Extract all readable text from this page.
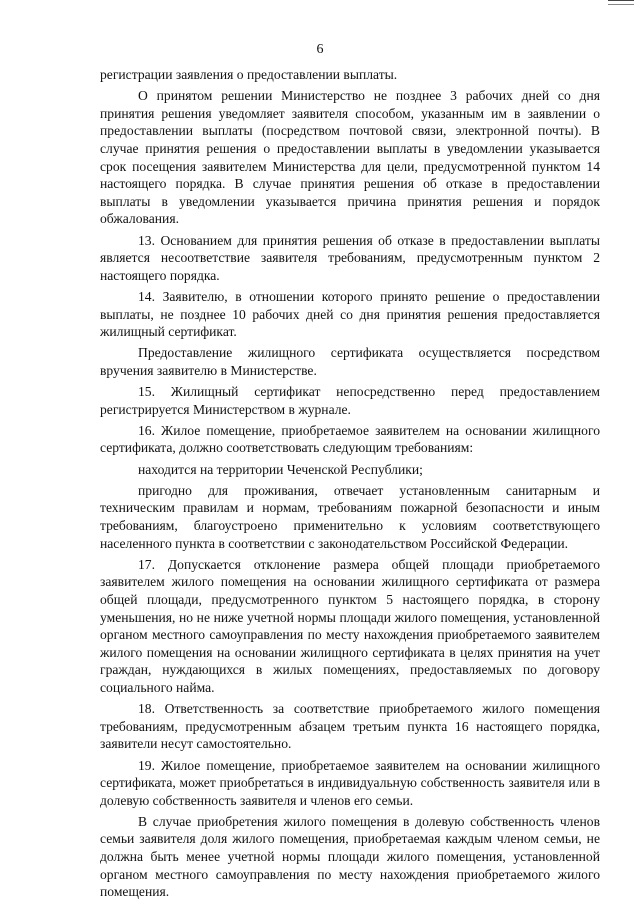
6

регистрации заявления о предоставлении выплаты.

О принятом решении Министерство не позднее 3 рабочих дней со дня принятия решения уведомляет заявителя способом, указанным им в заявлении о предоставлении выплаты (посредством почтовой связи, электронной почты). В случае принятия решения о предоставлении выплаты в уведомлении указывается срок посещения заявителем Министерства для цели, предусмотренной пунктом 14 настоящего порядка. В случае принятия решения об отказе в предоставлении выплаты в уведомлении указывается причина принятия решения и порядок обжалования.

13. Основанием для принятия решения об отказе в предоставлении выплаты является несоответствие заявителя требованиям, предусмотренным пунктом 2 настоящего порядка.

14. Заявителю, в отношении которого принято решение о предоставлении выплаты, не позднее 10 рабочих дней со дня принятия решения предоставляется жилищный сертификат.

Предоставление жилищного сертификата осуществляется посредством вручения заявителю в Министерстве.

15. Жилищный сертификат непосредственно перед предоставлением регистрируется Министерством в журнале.

16. Жилое помещение, приобретаемое заявителем на основании жилищного сертификата, должно соответствовать следующим требованиям:

находится на территории Чеченской Республики;

пригодно для проживания, отвечает установленным санитарным и техническим правилам и нормам, требованиям пожарной безопасности и иным требованиям, благоустроено применительно к условиям соответствующего населенного пункта в соответствии с законодательством Российской Федерации.

17. Допускается отклонение размера общей площади приобретаемого заявителем жилого помещения на основании жилищного сертификата от размера общей площади, предусмотренного пунктом 5 настоящего порядка, в сторону уменьшения, но не ниже учетной нормы площади жилого помещения, установленной органом местного самоуправления по месту нахождения приобретаемого заявителем жилого помещения на основании жилищного сертификата в целях принятия на учет граждан, нуждающихся в жилых помещениях, предоставляемых по договору социального найма.

18. Ответственность за соответствие приобретаемого жилого помещения требованиям, предусмотренным абзацем третьим пункта 16 настоящего порядка, заявители несут самостоятельно.

19. Жилое помещение, приобретаемое заявителем на основании жилищного сертификата, может приобретаться в индивидуальную собственность заявителя или в долевую собственность заявителя и членов его семьи.

В случае приобретения жилого помещения в долевую собственность членов семьи заявителя доля жилого помещения, приобретаемая каждым членом семьи, не должна быть менее учетной нормы площади жилого помещения, установленной органом местного самоуправления по месту нахождения приобретаемого жилого помещения.
